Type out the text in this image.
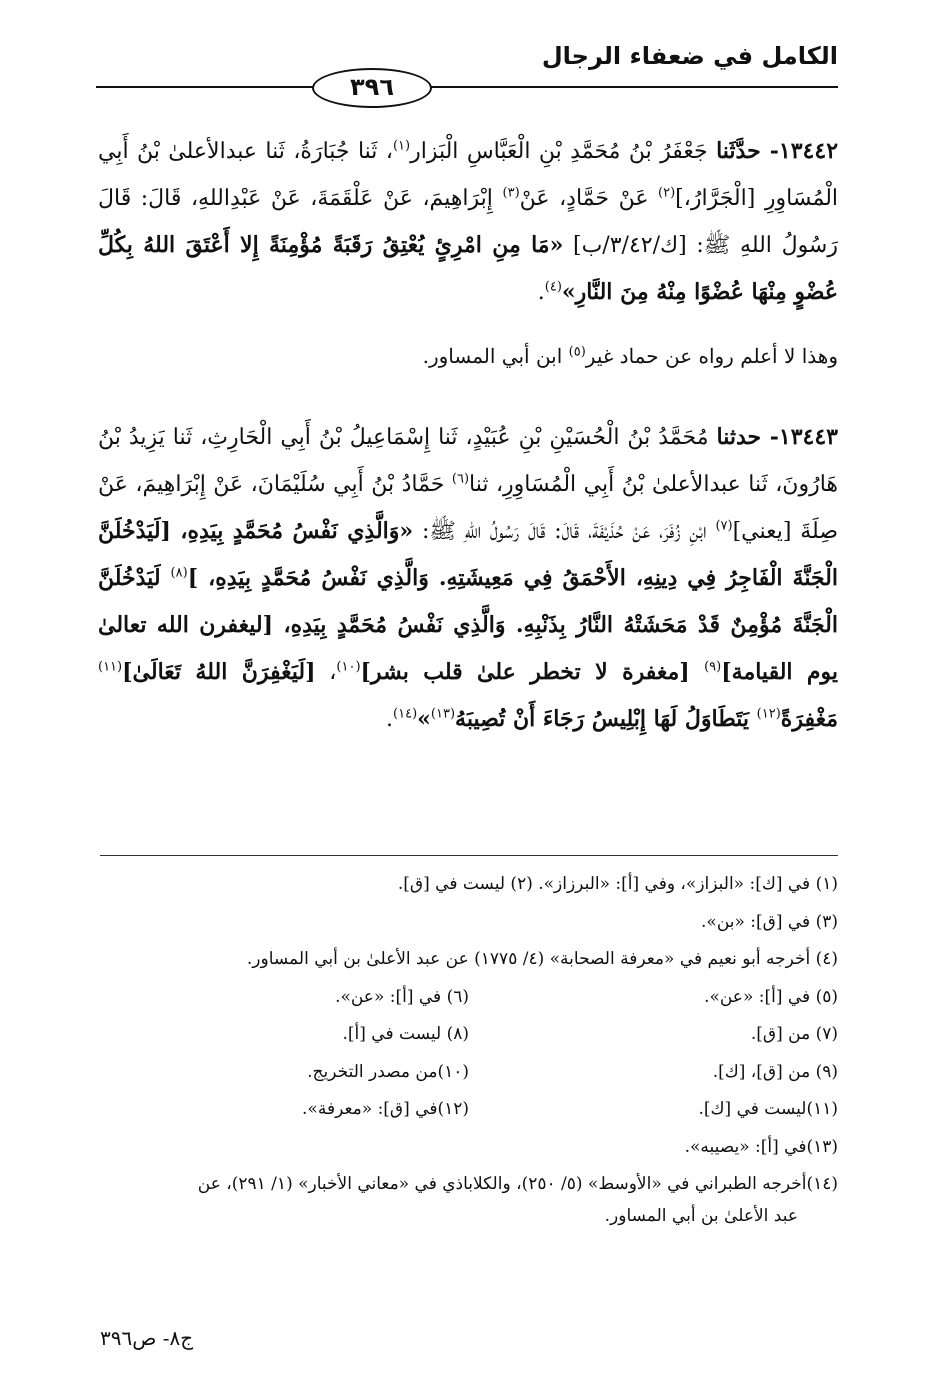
الكامل في ضعفاء الرجال
٣٩٦

١٣٤٤٢- حدَّثَنا جَعْفَرُ بْنُ مُحَمَّدِ بْنِ الْعَبَّاسِ الْبَزار$^{(١)}$، ثَنا جُبَارَةُ، ثَنا عبدالأعلىٰ بْنُ أَبِي الْمُسَاوِرِ [الْجَرَّارُ،]$^{(٢)}$ عَنْ حَمَّادٍ، عَنْ$^{(٣)}$ إِبْرَاهِيمَ، عَنْ عَلْقَمَةَ، عَنْ عَبْدِاللهِ، قَالَ: قَالَ رَسُولُ اللهِ ﷺ: [ك/٣/٤٢/ب] «مَا مِنِ امْرِئٍ يُعْتِقُ رَقَبَةً مُؤْمِنَةً إِلا أَعْتَقَ اللهُ بِكُلِّ عُضْوٍ مِنْهَا عُضْوًا مِنْهُ مِنَ النَّارِ»$^{(٤)}$.

وهذا لا أعلم رواه عن حماد غير$^{(٥)}$ ابن أبي المساور.

١٣٤٤٣- حدثنا مُحَمَّدُ بْنُ الْحُسَيْنِ بْنِ عُبَيْدٍ، ثَنا إِسْمَاعِيلُ بْنُ أَبِي الْحَارِثِ، ثَنا يَزِيدُ بْنُ هَارُونَ، ثَنا عبدالأعلىٰ بْنُ أَبِي الْمُسَاوِرِ، ثنا$^{(٦)}$ حَمَّادُ بْنُ أَبِي سُلَيْمَانَ، عَنْ إِبْرَاهِيمَ، عَنْ صِلَةَ [يعني]$^{(٧)}$ ابْنِ زُفَرَ، عَنْ حُذَيْفَةَ، قَالَ: قَالَ رَسُولُ اللهِ ﷺ: «وَالَّذِي نَفْسُ مُحَمَّدٍ بِيَدِهِ، [لَيَدْخُلَنَّ الْجَنَّةَ الْفَاجِرُ فِي دِينِهِ، الأَحْمَقُ فِي مَعِيشَتِهِ. وَالَّذِي نَفْسُ مُحَمَّدٍ بِيَدِهِ، ]$^{(٨)}$ لَيَدْخُلَنَّ الْجَنَّةَ مُؤْمِنٌ قَدْ مَحَشَتْهُ النَّارُ بِذَنْبِهِ. وَالَّذِي نَفْسُ مُحَمَّدٍ بِيَدِهِ، [ليغفرن الله تعالىٰ يوم القيامة]$^{(٩)}$ [مغفرة لا تخطر علىٰ قلب بشر]$^{(١٠)}$، [لَيَغْفِرَنَّ اللهُ تَعَالَىٰ]$^{(١١)}$ مَغْفِرَةً$^{(١٢)}$ يَتَطَاوَلُ لَهَا إِبْلِيسُ رَجَاءَ أَنْ تُصِيبَهُ$^{(١٣)}$»$^{(١٤)}$.

(١) في [ك]: «البزاز»، وفي [أ]: «البرزاز». (٢) ليست في [ق].
(٣) في [ق]: «بن».
(٤) أخرجه أبو نعيم في «معرفة الصحابة» (٤/ ١٧٧٥) عن عبد الأعلىٰ بن أبي المساور.
(٥) في [أ]: «عن».
(٦) في [أ]: «عن».
(٧) من [ق].
(٨) ليست في [أ].
(٩) من [ق]، [ك].
(١٠)من مصدر التخريج.
(١١)ليست في [ك].
(١٢)في [ق]: «معرفة».
(١٣)في [أ]: «يصيبه».
(١٤)أخرجه الطبراني في «الأوسط» (٥/ ٢٥٠)، والكلاباذي في «معاني الأخبار» (١/ ٢٩١)، عن
عبد الأعلىٰ بن أبي المساور.
ج٨- ص٣٩٦
